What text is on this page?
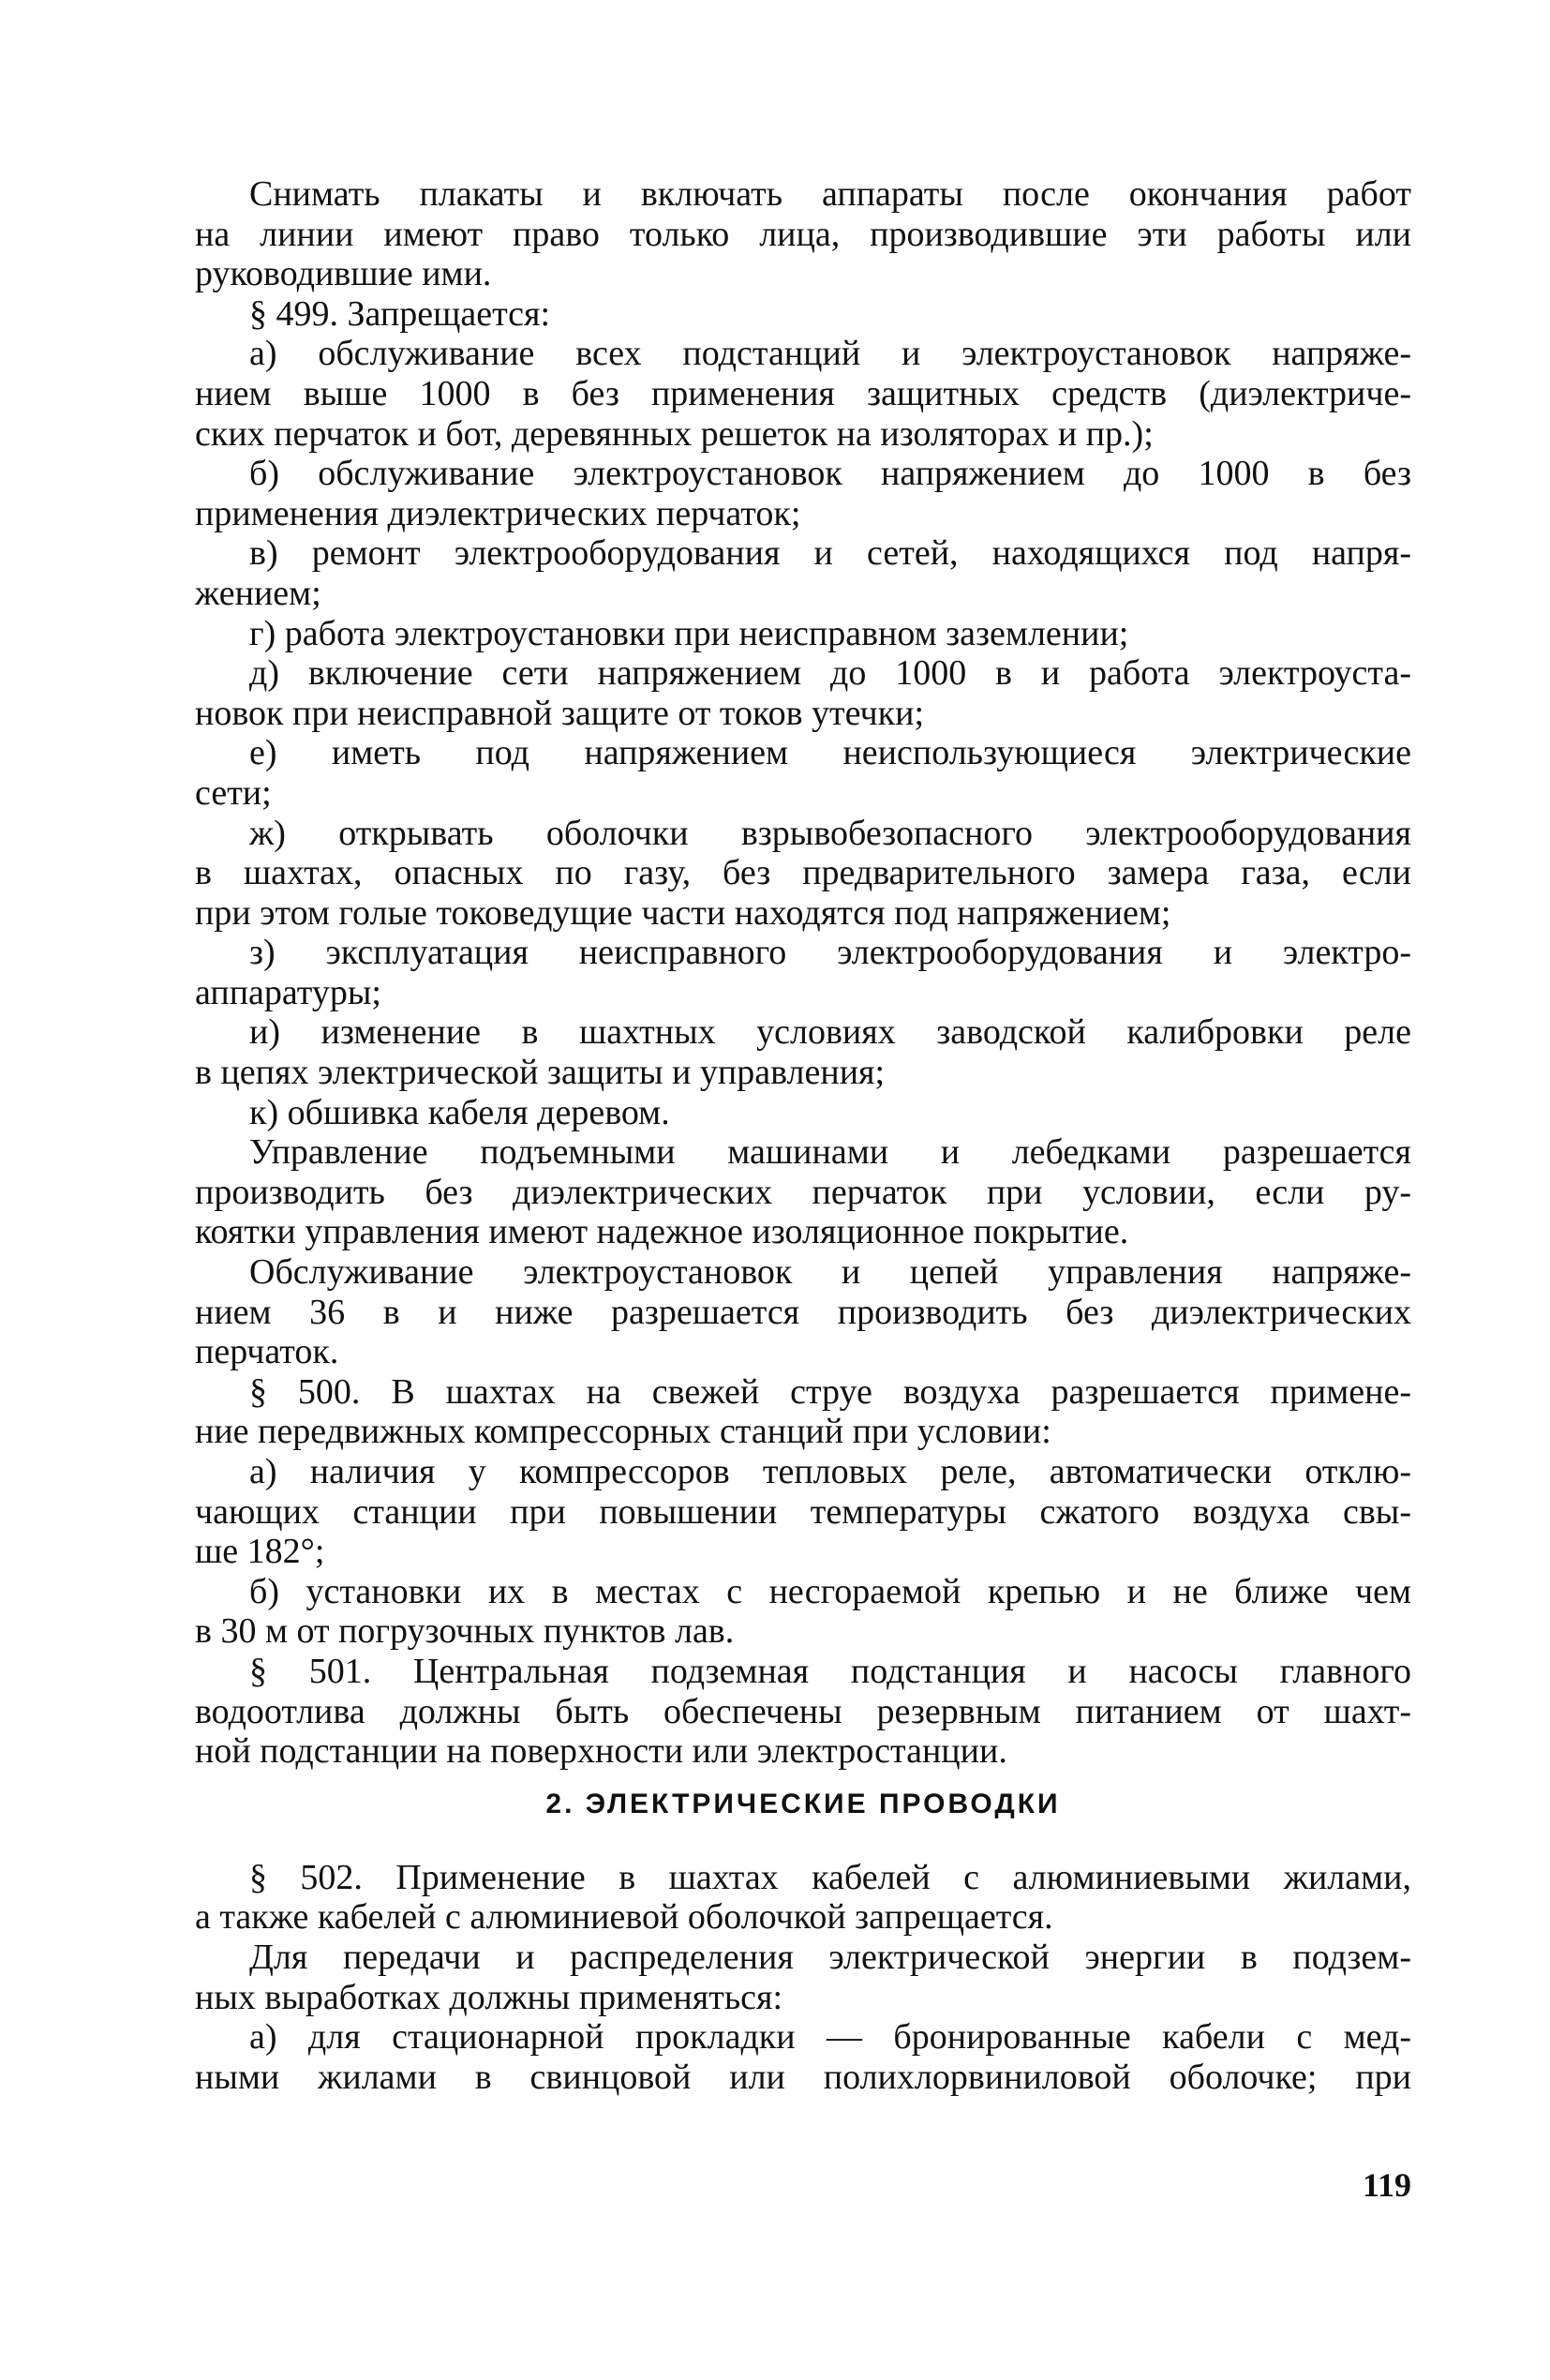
Снимать плакаты и включать аппараты после окончания работ
на линии имеют право только лица, производившие эти работы или
руководившие ими.
§ 499. Запрещается:
а) обслуживание всех подстанций и электроустановок напряже-
нием выше 1000 в без применения защитных средств (диэлектриче-
ских перчаток и бот, деревянных решеток на изоляторах и пр.);
б) обслуживание электроустановок напряжением до 1000 в без
применения диэлектрических перчаток;
в) ремонт электрооборудования и сетей, находящихся под напря-
жением;
г) работа электроустановки при неисправном заземлении;
д) включение сети напряжением до 1000 в и работа электроуста-
новок при неисправной защите от токов утечки;
е) иметь под напряжением неиспользующиеся электрические
сети;
ж) открывать оболочки взрывобезопасного электрооборудования
в шахтах, опасных по газу, без предварительного замера газа, если
при этом голые токоведущие части находятся под напряжением;
з) эксплуатация неисправного электрооборудования и электро-
аппаратуры;
и) изменение в шахтных условиях заводской калибровки реле
в цепях электрической защиты и управления;
к) обшивка кабеля деревом.
Управление подъемными машинами и лебедками разрешается
производить без диэлектрических перчаток при условии, если ру-
коятки управления имеют надежное изоляционное покрытие.
Обслуживание электроустановок и цепей управления напряже-
нием 36 в и ниже разрешается производить без диэлектрических
перчаток.
§ 500. В шахтах на свежей струе воздуха разрешается примене-
ние передвижных компрессорных станций при условии:
а) наличия у компрессоров тепловых реле, автоматически отклю-
чающих станции при повышении температуры сжатого воздуха свы-
ше 182°;
б) установки их в местах с несгораемой крепью и не ближе чем
в 30 м от погрузочных пунктов лав.
§ 501. Центральная подземная подстанция и насосы главного
водоотлива должны быть обеспечены резервным питанием от шахт-
ной подстанции на поверхности или электростанции.
2. ЭЛЕКТРИЧЕСКИЕ ПРОВОДКИ
§ 502. Применение в шахтах кабелей с алюминиевыми жилами,
а также кабелей с алюминиевой оболочкой запрещается.
Для передачи и распределения электрической энергии в подзем-
ных выработках должны применяться:
а) для стационарной прокладки — бронированные кабели с мед-
ными жилами в свинцовой или полихлорвиниловой оболочке; при
119
